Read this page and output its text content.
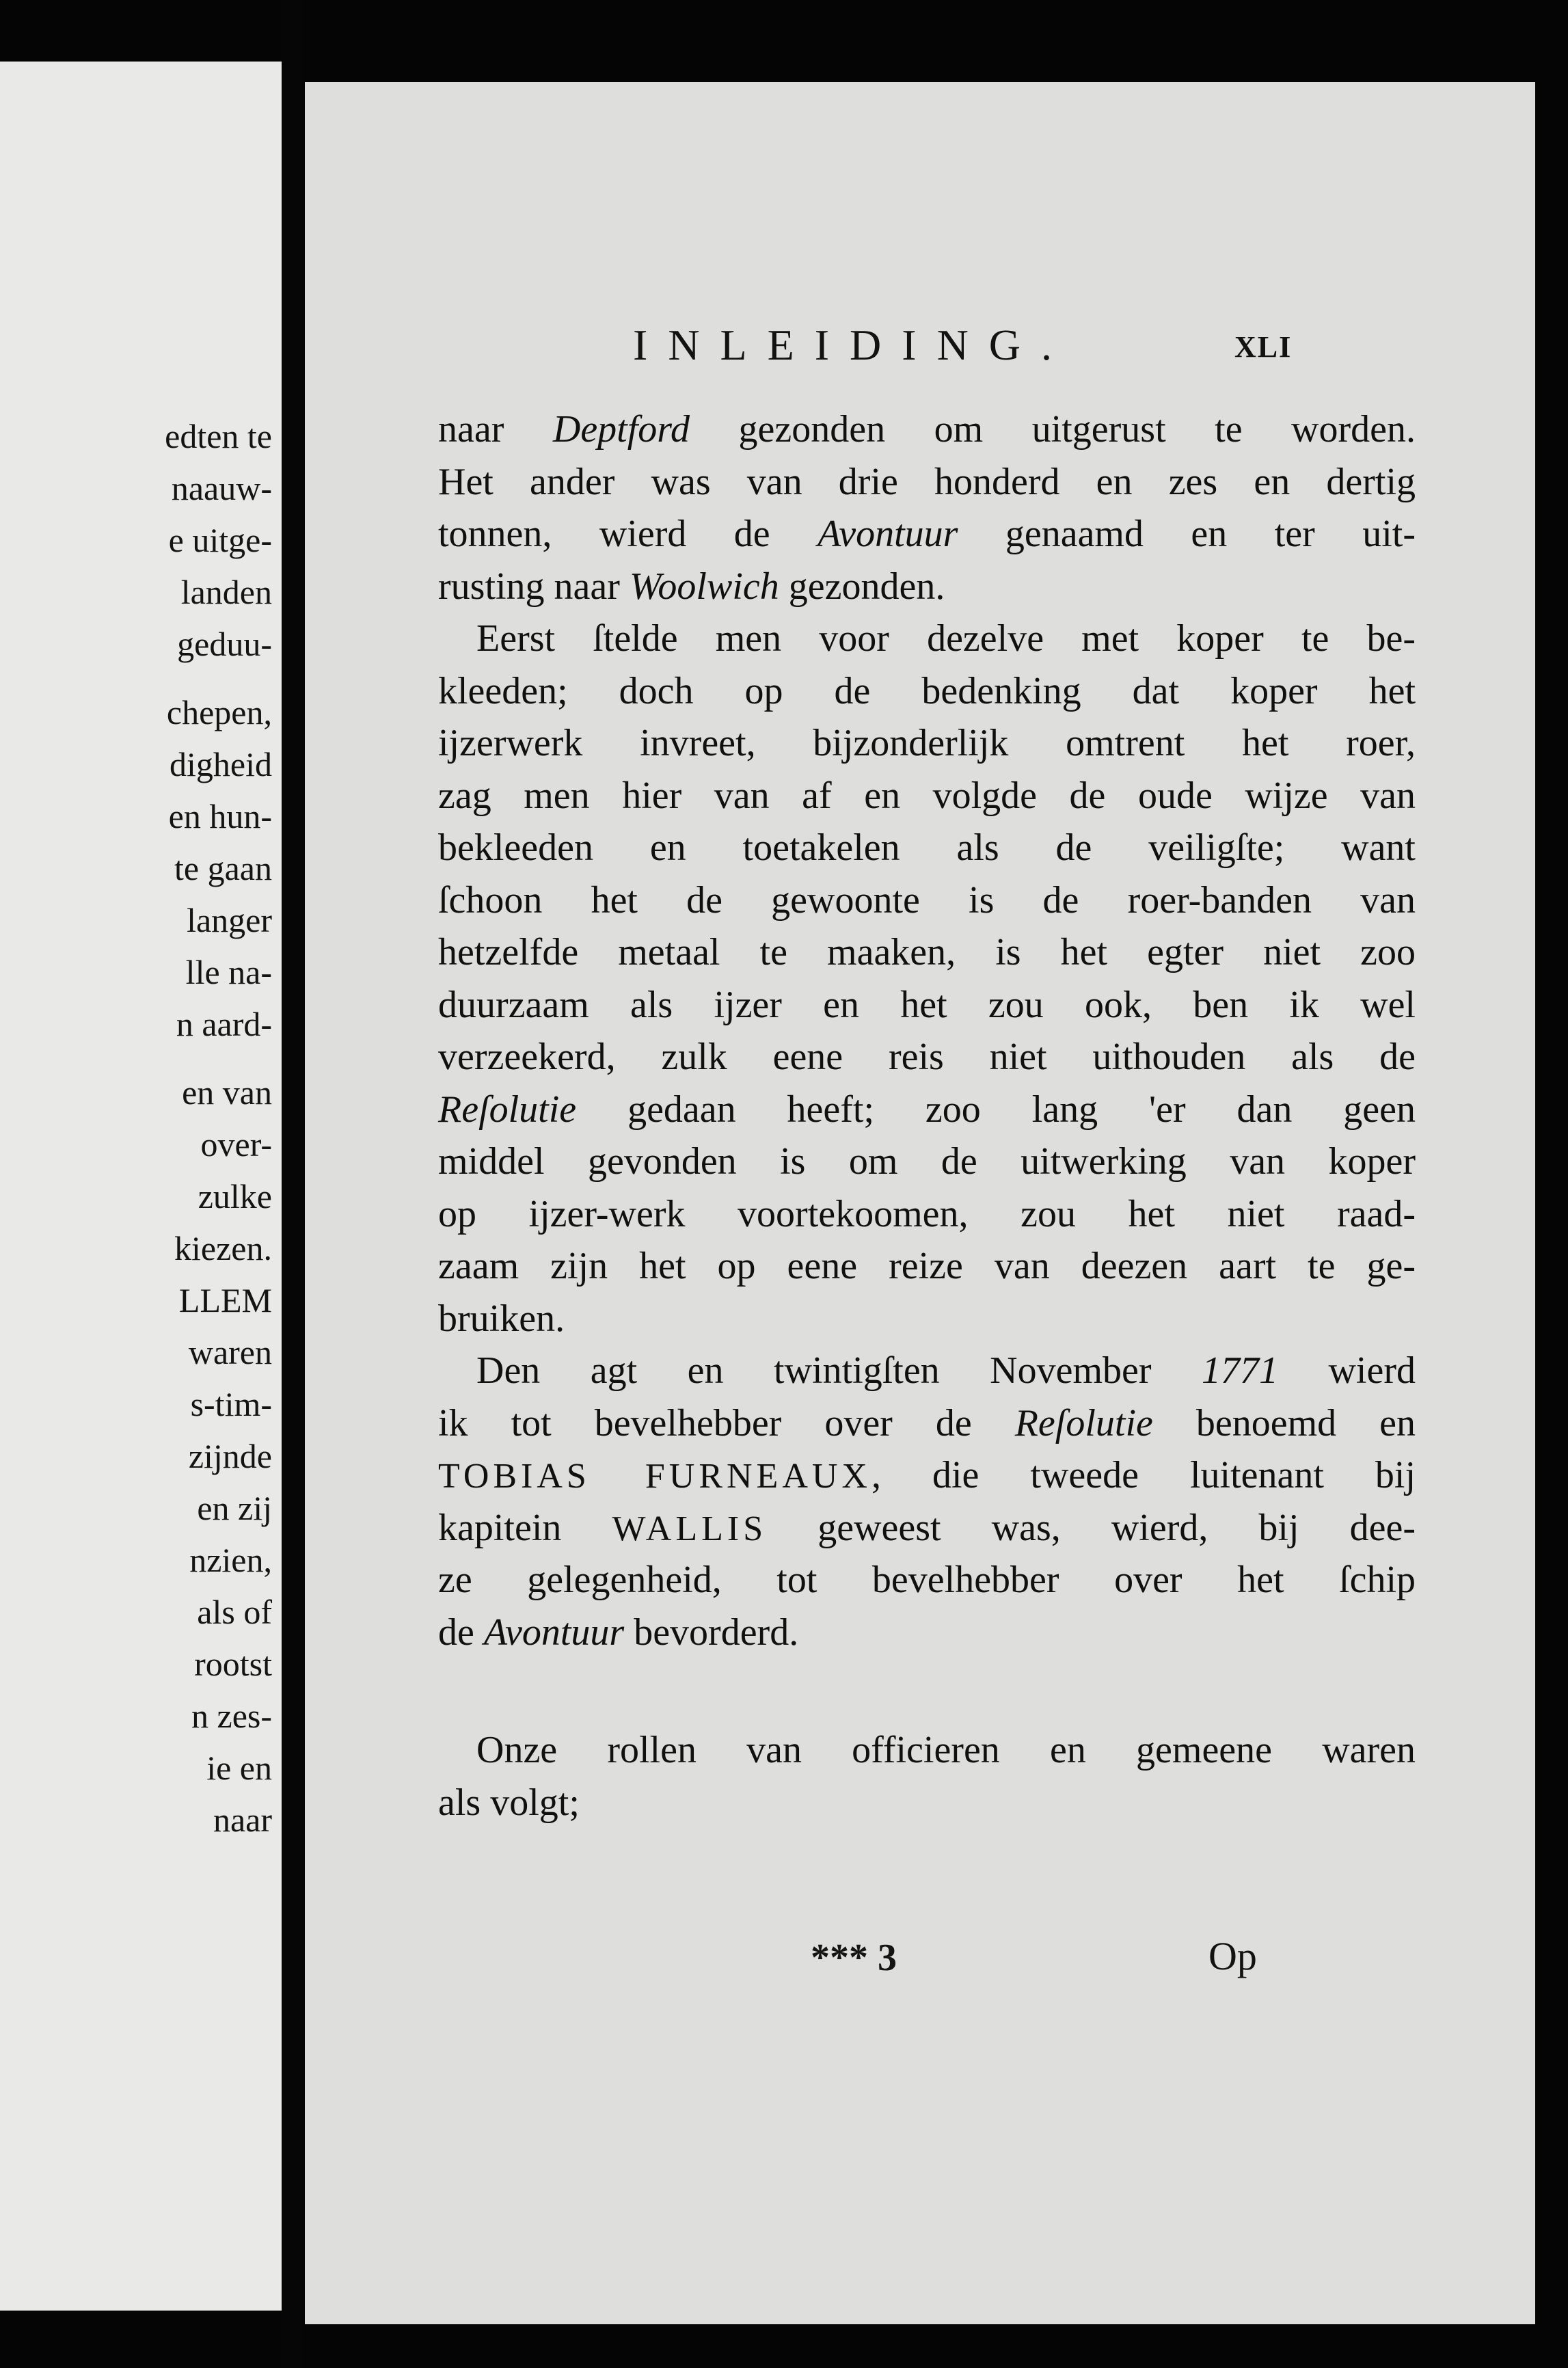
edten te
naauw-
e uitge-
landen
geduu-
chepen,
digheid
en hun-
te gaan
langer
lle na-
n aard-
en van
over-
zulke
kiezen.
LLEM
waren
s-tim-
zijnde
en zij
nzien,
als of
rootst
n zes-
ie en
naar
INLEIDING.	XLI
naar Deptford gezonden om uitgerust te worden.
Het ander was van drie honderd en zes en dertig
tonnen, wierd de Avontuur genaamd en ter uit-
rusting naar Woolwich gezonden.
Eerst ſtelde men voor dezelve met koper te be-
kleeden; doch op de bedenking dat koper het
ijzerwerk invreet, bijzonderlijk omtrent het roer,
zag men hier van af en volgde de oude wijze van
bekleeden en toetakelen als de veiligſte; want
ſchoon het de gewoonte is de roer-banden van
hetzelfde metaal te maaken, is het egter niet zoo
duurzaam als ijzer en het zou ook, ben ik wel
verzeekerd, zulk eene reis niet uithouden als de
Reſolutie gedaan heeft; zoo lang 'er dan geen
middel gevonden is om de uitwerking van koper
op ijzer-werk voortekoomen, zou het niet raad-
zaam zijn het op eene reize van deezen aart te ge-
bruiken.
Den agt en twintigſten November 1771 wierd
ik tot bevelhebber over de Reſolutie benoemd en
TOBIAS FURNEAUX, die tweede luitenant bij
kapitein WALLIS geweest was, wierd, bij dee-
ze gelegenheid, tot bevelhebber over het ſchip
de Avontuur bevorderd.
Onze rollen van officieren en gemeene waren
als volgt;
*** 3	Op
